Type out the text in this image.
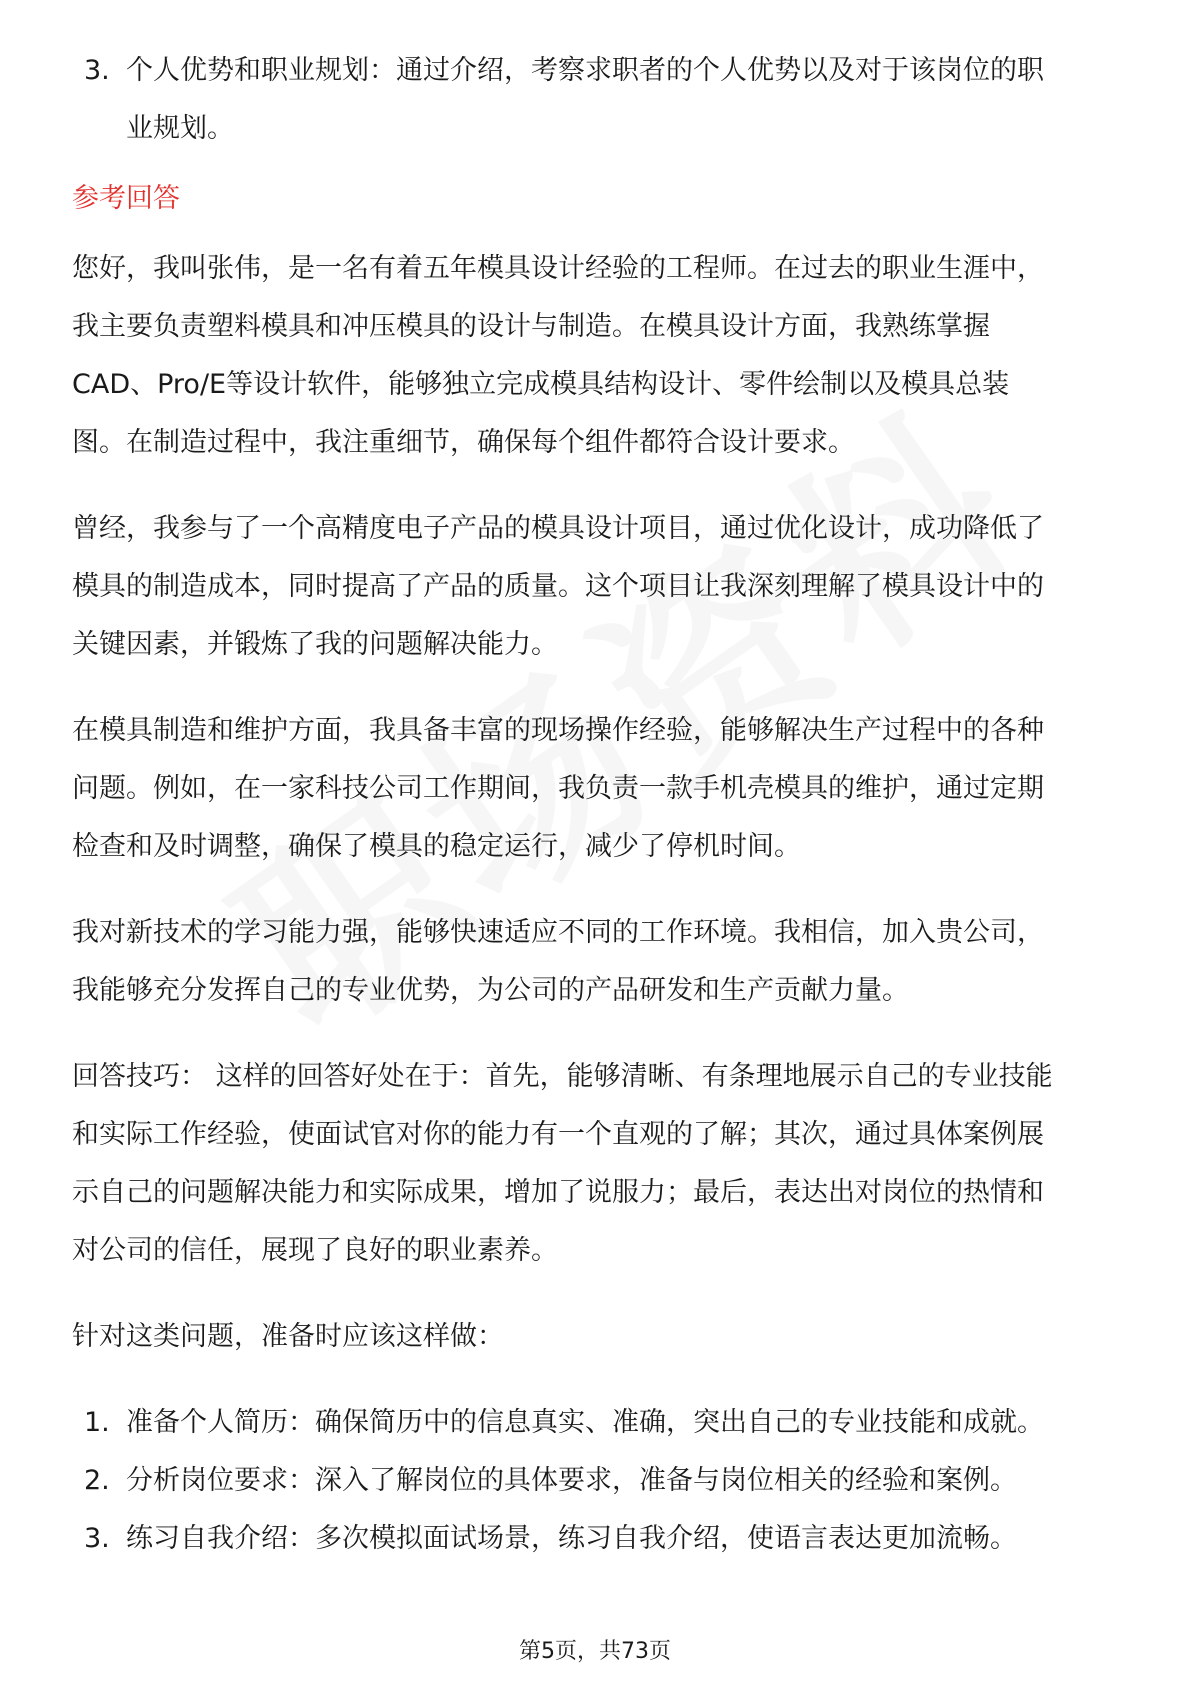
3. 个人优势和职业规划：通过介绍，考察求职者的个人优势以及对于该岗位的职
业规划。

参考回答

您好，我叫张伟，是一名有着五年模具设计经验的工程师。在过去的职业生涯中，

我主要负责塑料模具和冲压模具的设计与制造。在模具设计方面，我熟练掌握

CAD、Pro/E等设计软件，能够独立完成模具结构设计、零件绘制以及模具总装

图。在制造过程中，我注重细节，确保每个组件都符合设计要求。

曾经，我参与了一个高精度电子产品的模具设计项目，通过优化设计，成功降低了

模具的制造成本，同时提高了产品的质量。这个项目让我深刻理解了模具设计中的

关键因素，并锻炼了我的问题解决能力。

在模具制造和维护方面，我具备丰富的现场操作经验，能够解决生产过程中的各种

问题。例如，在一家科技公司工作期间，我负责一款手机壳模具的维护，通过定期

检查和及时调整，确保了模具的稳定运行，减少了停机时间。

我对新技术的学习能力强，能够快速适应不同的工作环境。我相信，加入贵公司，

我能够充分发挥自己的专业优势，为公司的产品研发和生产贡献力量。

回答技巧： 这样的回答好处在于：首先，能够清晰、有条理地展示自己的专业技能

和实际工作经验，使面试官对你的能力有一个直观的了解；其次，通过具体案例展

示自己的问题解决能力和实际成果，增加了说服力；最后，表达出对岗位的热情和

对公司的信任，展现了良好的职业素养。

针对这类问题，准备时应该这样做：

1. 准备个人简历：确保简历中的信息真实、准确，突出自己的专业技能和成就。
2. 分析岗位要求：深入了解岗位的具体要求，准备与岗位相关的经验和案例。
3. 练习自我介绍：多次模拟面试场景，练习自我介绍，使语言表达更加流畅。
第5页，共73页
